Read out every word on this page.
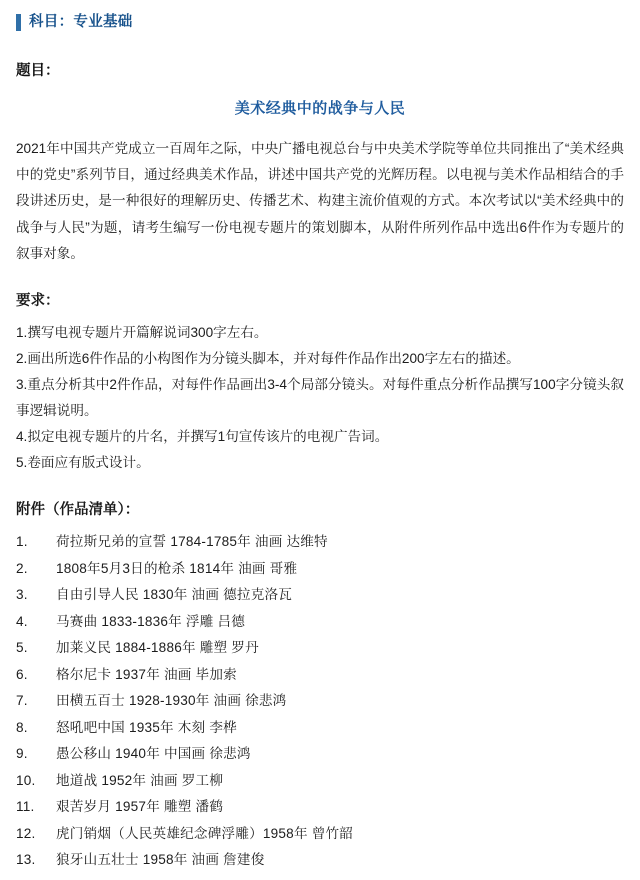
科目：专业基础
题目：
美术经典中的战争与人民

2021年中国共产党成立一百周年之际，中央广播电视总台与中央美术学院等单位共同推出了“美术经典中的党史”系列节目，通过经典美术作品，讲述中国共产党的光辉历程。以电视与美术作品相结合的手段讲述历史，是一种很好的理解历史、传播艺术、构建主流价值观的方式。本次考试以“美术经典中的战争与人民”为题，请考生编写一份电视专题片的策划脚本，从附件所列作品中选出6件作为专题片的叙事对象。

要求：
1.撰写电视专题片开篇解说词300字左右。
2.画出所选6件作品的小构图作为分镜头脚本，并对每件作品作出200字左右的描述。
3.重点分析其中2件作品，对每件作品画出3-4个局部分镜头。对每件重点分析作品撰写100字分镜头叙事逻辑说明。
4.拟定电视专题片的片名，并撰写1句宣传该片的电视广告词。
5.卷面应有版式设计。
附件（作品清单）：
1.	荷拉斯兄弟的宣誓 1784-1785年 油画 达维特
2.	1808年5月3日的枪杀 1814年 油画 哥雅
3.	自由引导人民 1830年 油画 德拉克洛瓦
4.	马赛曲 1833-1836年 浮雕 吕德
5.	加莱义民 1884-1886年 雕塑 罗丹
6.	格尔尼卡 1937年 油画 毕加索
7.	田横五百士 1928-1930年 油画 徐悲鸿
8.	怒吼吧中国 1935年 木刻 李桦
9.	愚公移山 1940年 中国画 徐悲鸿
10.	地道战 1952年 油画 罗工柳
11.	艰苦岁月 1957年 雕塑 潘鹤
12.	虎门销烟（人民英雄纪念碑浮雕）1958年 曾竹韶
13.	狼牙山五壮士 1958年 油画 詹建俊
